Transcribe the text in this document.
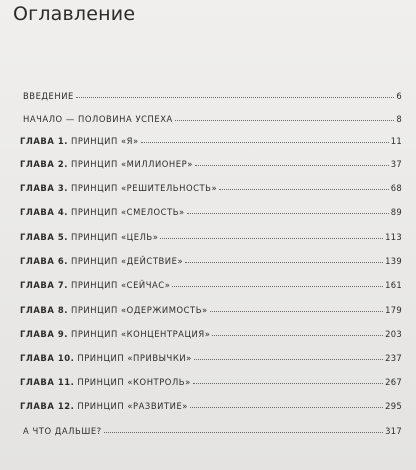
Оглавление
ВВЕДЕНИЕ	6
НАЧАЛО — ПОЛОВИНА УСПЕХА	8
ГЛАВА 1. ПРИНЦИП «Я»	11
ГЛАВА 2. ПРИНЦИП «МИЛЛИОНЕР»	37
ГЛАВА 3. ПРИНЦИП «РЕШИТЕЛЬНОСТЬ»	68
ГЛАВА 4. ПРИНЦИП «СМЕЛОСТЬ»	89
ГЛАВА 5. ПРИНЦИП «ЦЕЛЬ»	113
ГЛАВА 6. ПРИНЦИП «ДЕЙСТВИЕ»	139
ГЛАВА 7. ПРИНЦИП «СЕЙЧАС»	161
ГЛАВА 8. ПРИНЦИП «ОДЕРЖИМОСТЬ»	179
ГЛАВА 9. ПРИНЦИП «КОНЦЕНТРАЦИЯ»	203
ГЛАВА 10. ПРИНЦИП «ПРИВЫЧКИ»	237
ГЛАВА 11. ПРИНЦИП «КОНТРОЛЬ»	267
ГЛАВА 12. ПРИНЦИП «РАЗВИТИЕ»	295
А ЧТО ДАЛЬШЕ?	317
